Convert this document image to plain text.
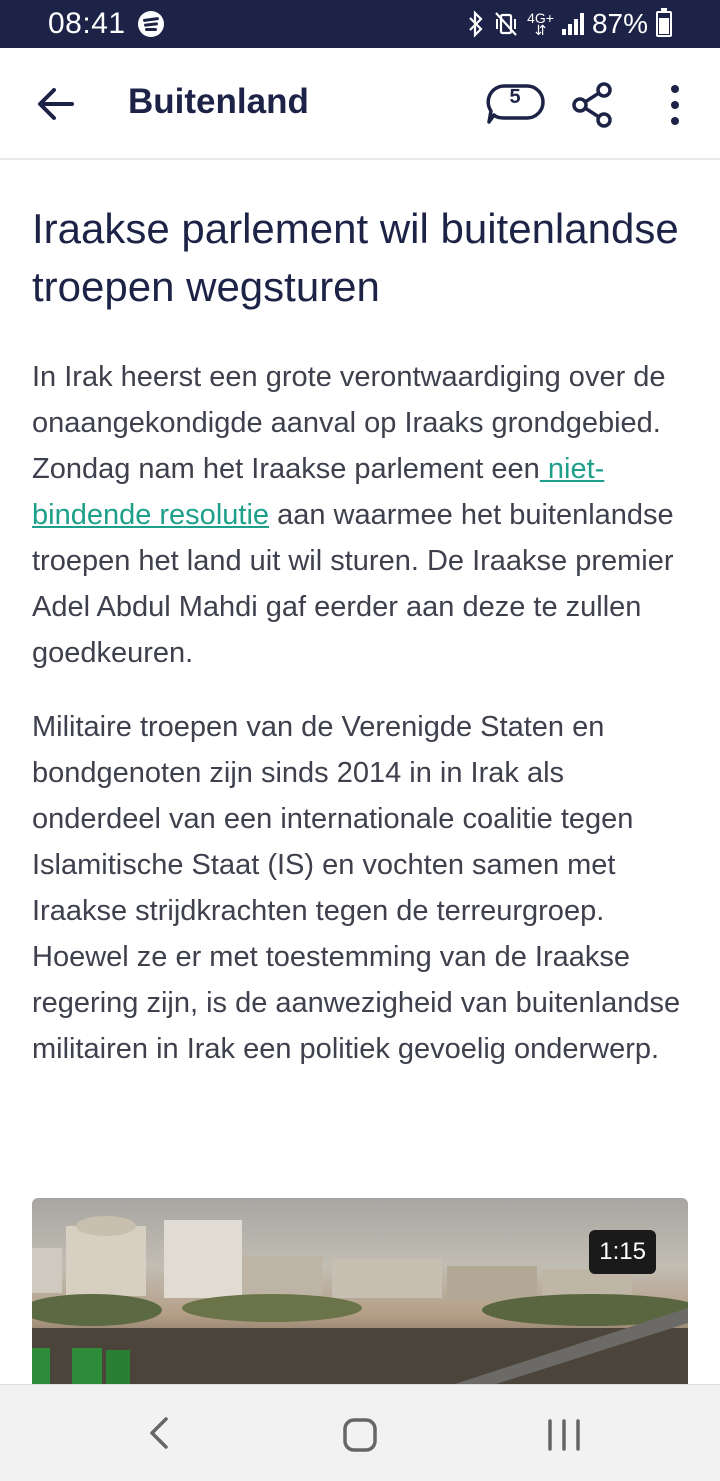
08:41	4G+
⇵ 87%
Buitenland	5
Iraakse parlement wil buitenlandse troepen wegsturen

In Irak heerst een grote verontwaardiging over de onaangekondigde aanval op Iraaks grondgebied. Zondag nam het Iraakse parlement een niet-bindende resolutie aan waarmee het buitenlandse troepen het land uit wil sturen. De Iraakse premier Adel Abdul Mahdi gaf eerder aan deze te zullen goedkeuren.

Militaire troepen van de Verenigde Staten en bondgenoten zijn sinds 2014 in in Irak als onderdeel van een internationale coalitie tegen Islamitische Staat (IS) en vochten samen met Iraakse strijdkrachten tegen de terreurgroep. Hoewel ze er met toestemming van de Iraakse regering zijn, is de aanwezigheid van buitenlandse militairen in Irak een politiek gevoelig onderwerp.

1:15
